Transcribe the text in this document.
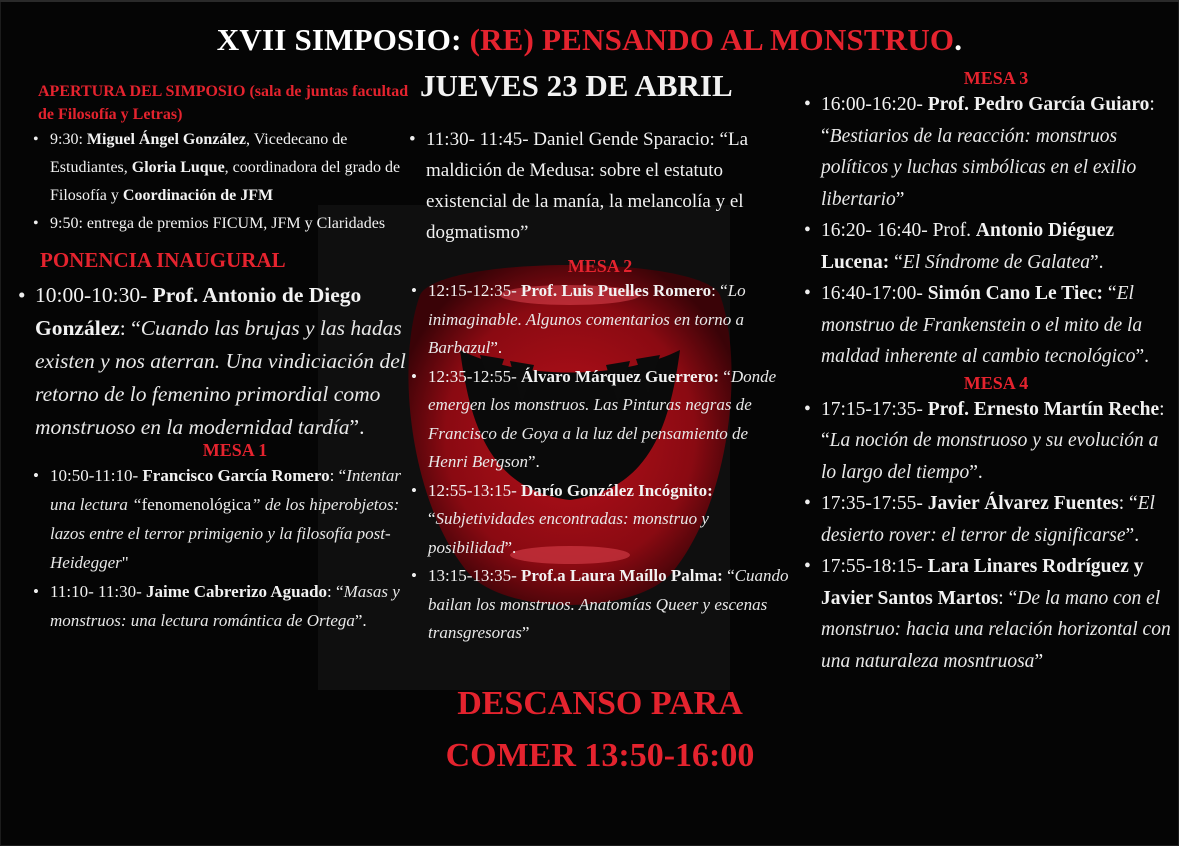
XVII SIMPOSIO: (RE) PENSANDO AL MONSTRUO.
APERTURA DEL SIMPOSIO (sala de juntas facultad de Filosofía y Letras)
• 9:30: Miguel Ángel González, Vicedecano de Estudiantes, Gloria Luque, coordinadora del grado de Filosofía y Coordinación de JFM
• 9:50: entrega de premios FICUM, JFM y Claridades
PONENCIA INAUGURAL
• 10:00-10:30- Prof. Antonio de Diego González: “Cuando las brujas y las hadas existen y nos aterran. Una vindiciación del retorno de lo femenino primordial como monstruoso en la modernidad tardía”.
MESA 1
• 10:50-11:10- Francisco García Romero: “Intentar una lectura “fenomenológica” de los hiperobjetos: lazos entre el terror primigenio y la filosofía post-Heidegger"
• 11:10- 11:30- Jaime Cabrerizo Aguado: “Masas y monstruos: una lectura romántica de Ortega”.
JUEVES 23 DE ABRIL
• 11:30- 11:45- Daniel Gende Sparacio: “La maldición de Medusa: sobre el estatuto existencial de la manía, la melancolía y el dogmatismo”
MESA 2
• 12:15-12:35- Prof. Luis Puelles Romero: “Lo inimaginable. Algunos comentarios en torno a Barbazul”.
• 12:35-12:55- Álvaro Márquez Guerrero: “Donde emergen los monstruos. Las Pinturas negras de Francisco de Goya a la luz del pensamiento de Henri Bergson”.
• 12:55-13:15- Darío González Incógnito: “Subjetividades encontradas: monstruo y posibilidad”.
• 13:15-13:35- Prof.a Laura Maíllo Palma: “Cuando bailan los monstruos. Anatomías Queer y escenas transgresoras”
DESCANSO PARA
COMER 13:50-16:00
MESA 3
• 16:00-16:20- Prof. Pedro García Guiaro: “Bestiarios de la reacción: monstruos políticos y luchas simbólicas en el exilio libertario”
• 16:20- 16:40- Prof. Antonio Diéguez Lucena: “El Síndrome de Galatea”.
• 16:40-17:00- Simón Cano Le Tiec: “El monstruo de Frankenstein o el mito de la maldad inherente al cambio tecnológico”.
MESA 4
• 17:15-17:35- Prof. Ernesto Martín Reche: “La noción de monstruoso y su evolución a lo largo del tiempo”.
• 17:35-17:55- Javier Álvarez Fuentes: “El desierto rover: el terror de significarse”.
• 17:55-18:15- Lara Linares Rodríguez y Javier Santos Martos: “De la mano con el monstruo: hacia una relación horizontal con una naturaleza mosntruosa”
